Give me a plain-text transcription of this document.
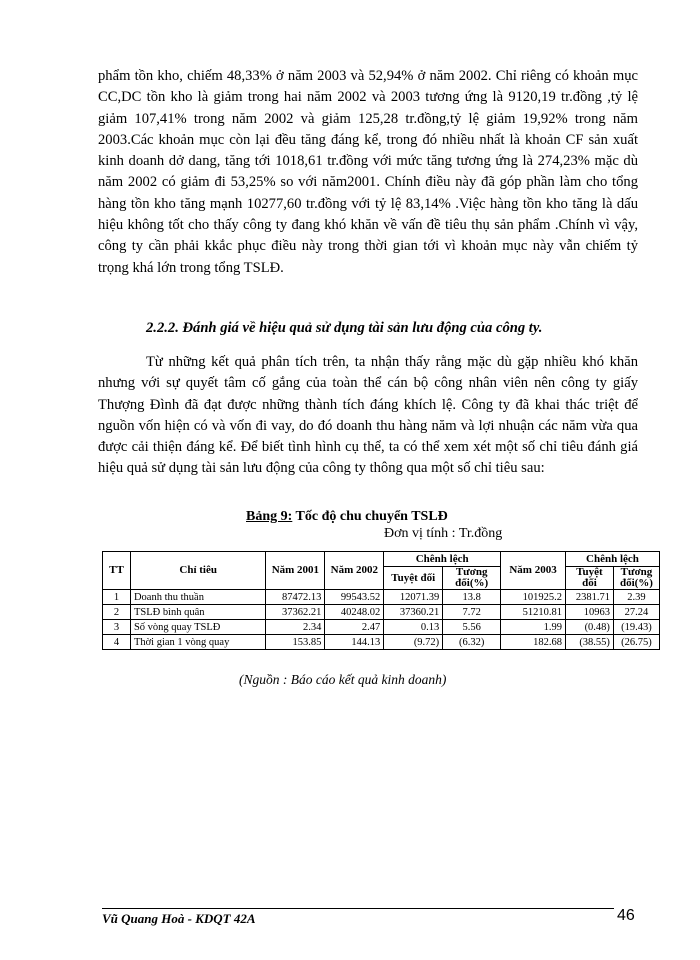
phẩm tồn kho, chiếm 48,33% ở năm 2003 và 52,94% ở năm 2002. Chỉ riêng có khoản mục CC,DC tồn kho là giảm trong hai năm 2002 và 2003 tương ứng là 9120,19 tr.đồng ,tỷ lệ giảm 107,41% trong năm 2002 và giảm 125,28 tr.đồng,tỷ lệ giảm 19,92% trong năm 2003.Các khoản mục còn lại đều tăng đáng kể, trong đó nhiều nhất là khoản CF sản xuất kinh doanh dở dang, tăng tới 1018,61 tr.đồng với mức tăng tương ứng là 274,23% mặc dù năm 2002 có giảm đi 53,25% so với năm2001. Chính điều này đã góp phần làm cho tổng hàng tồn kho tăng mạnh 10277,60 tr.đồng với tỷ lệ 83,14% .Việc hàng tồn kho tăng là dấu hiệu không tốt cho thấy công ty đang khó khăn về vấn đề tiêu thụ sản phẩm .Chính vì vậy, công ty cần phải kkắc phục điều này trong thời gian tới vì khoản mục này vẫn chiếm tỷ trọng khá lớn trong tổng TSLĐ.

2.2.2. Đánh giá về hiệu quả sử dụng tài sản lưu động của công ty.

Từ những kết quả phân tích trên, ta nhận thấy rằng mặc dù gặp nhiều khó khăn nhưng với sự quyết tâm cố gắng của toàn thể cán bộ công nhân viên nên công ty giấy Thượng Đình đã đạt được những thành tích đáng khích lệ. Công ty đã khai thác triệt để nguồn vốn hiện có và vốn đi vay, do đó doanh thu hàng năm và lợi nhuận các năm vừa qua được cải thiện đáng kể. Để biết tình hình cụ thể, ta có thể xem xét một số chỉ tiêu đánh giá hiệu quả sử dụng tài sản lưu động của công ty thông qua một số chỉ tiêu sau:

Bảng 9: Tốc độ chu chuyển TSLĐ

Đơn vị tính : Tr.đồng

TT	Chỉ tiêu	Năm 2001	Năm 2002	Chênh lệch		Năm 2003	Chênh lệch	
				Tuyệt đối	Tương đối(%)		Tuyệt đối	Tương đối(%)
1	Doanh thu thuần	87472.13	99543.52	12071.39	13.8	101925.2	2381.71	2.39
2	TSLĐ bình quân	37362.21	40248.02	37360.21	7.72	51210.81	10963	27.24
3	Số vòng quay TSLĐ	2.34	2.47	0.13	5.56	1.99	(0.48)	(19.43)
4	Thời gian 1 vòng quay	153.85	144.13	(9.72)	(6.32)	182.68	(38.55)	(26.75)

(Nguồn : Báo cáo kết quả kinh doanh)

Vũ Quang Hoà - KDQT 42A	46
